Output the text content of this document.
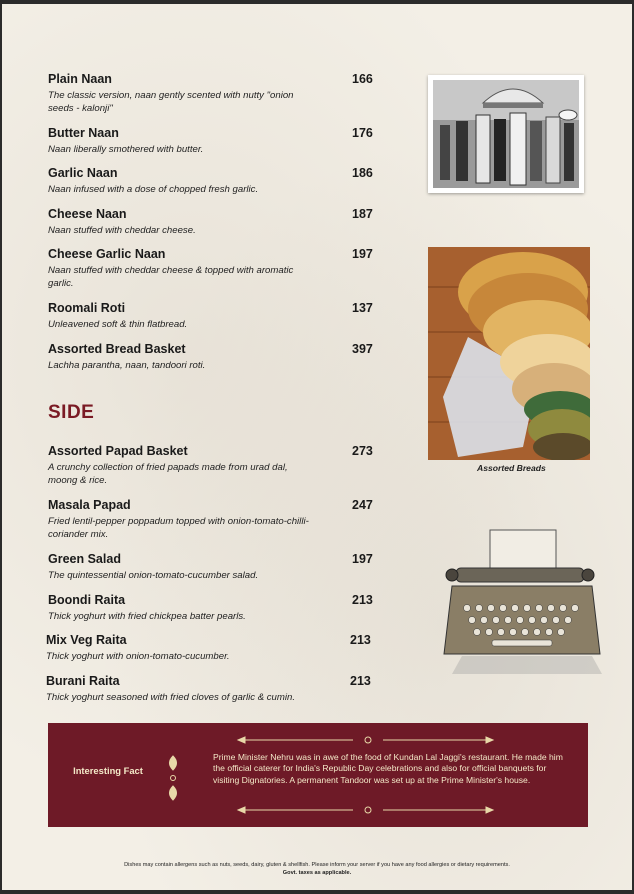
Plain Naan	166
The classic version, naan gently scented with nutty "onion seeds - kalonji"
Butter Naan	176
Naan liberally smothered with butter.
Garlic Naan	186
Naan infused with a dose of chopped fresh garlic.
Cheese Naan	187
Naan stuffed with cheddar cheese.
Cheese Garlic Naan	197
Naan stuffed with cheddar cheese & topped with aromatic garlic.
Roomali Roti	137
Unleavened soft & thin flatbread.
Assorted Bread Basket	397
Lachha parantha, naan, tandoori roti.
SIDE
Assorted Papad Basket	273
A crunchy collection of fried papads made from urad dal, moong & rice.
Masala Papad	247
Fried lentil-pepper poppadum topped with onion-tomato-chilli-coriander mix.
Green Salad	197
The quintessential onion-tomato-cucumber salad.
Boondi Raita	213
Thick yoghurt with fried chickpea batter pearls.
Mix Veg Raita	213
Thick yoghurt with onion-tomato-cucumber.
Burani Raita	213
Thick yoghurt seasoned with fried cloves of garlic & cumin.
Assorted Breads
Interesting Fact
Prime Minister Nehru was in awe of the food of Kundan Lal Jaggi's restaurant. He made him the official caterer for India's Republic Day celebrations and also for official banquets for visiting Dignatories. A permanent Tandoor was set up at the Prime Minister's house.
Dishes may contain allergens such as nuts, seeds, dairy, gluten & shellfish. Please inform your server if you have any food allergies or dietary requirements.
Govt. taxes as applicable.
